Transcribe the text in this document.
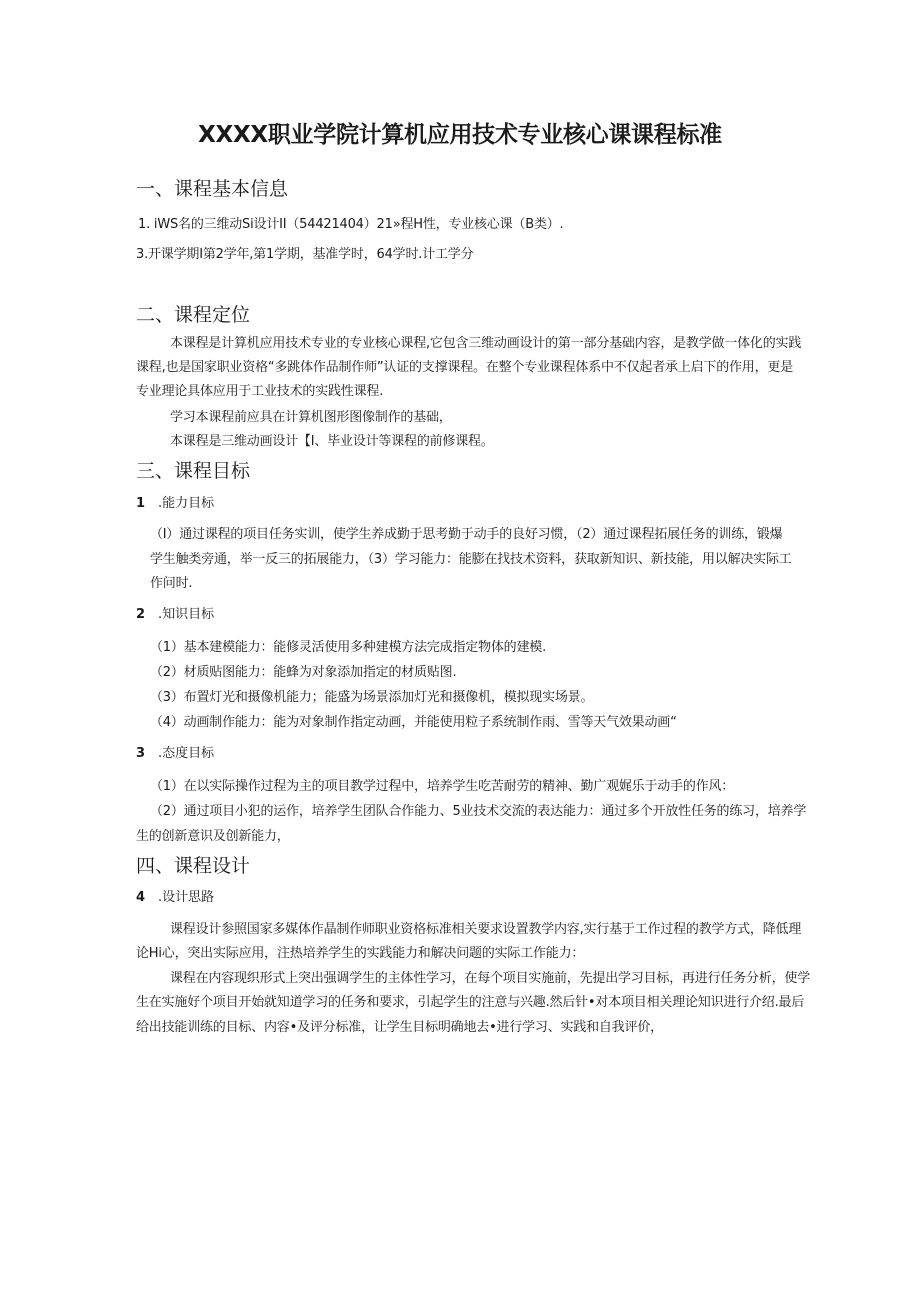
XXXX职业学院计算机应用技术专业核心课课程标准
一、课程基本信息
1. iWS名的三维动Si设计II（54421404）21»程H性，专业核心课（B类）.
3.开课学期I第2学年,第1学期，基准学时，64学时.计工学分
二、课程定位
本课程是计算机应用技术专业的专业核心课程,它包含三维动画设计的第一部分基础内容，是教学做一体化的实践
课程,也是国家职业资格“多跳体作品制作师”认证的支撑课程。在整个专业课程体系中不仅起者承上启下的作用，更是
专业理论具体应用于工业技术的实践性课程.
学习本课程前应具在计算机图形图像制作的基础，
本课程是三维动画设计【I、毕业设计等课程的前修课程。
三、课程目标
1 .能力目标
（I）通过课程的项目任务实训，使学生养成勤于思考勤于动手的良好习惯，（2）通过课程拓展任务的训练，锻爆
学生触类旁通，举一反三的拓展能力，（3）学习能力：能膨在找技术资料，获取新知识、新技能，用以解决实际工
作问时.
2 .知识目标
（1）基本建模能力：能修灵活使用多种建模方法完成指定物体的建模.
（2）材质贴图能力：能蜂为对象添加指定的材质贴图.
（3）布置灯光和摄像机能力；能盛为场景添加灯光和摄像机，模拟现实场景。
（4）动画制作能力：能为对象制作指定动画，并能使用粒子系统制作雨、雪等天气效果动画“
3 .态度目标
（1）在以实际操作过程为主的项目教学过程中，培养学生吃苦耐劳的精神、勤广观娓乐于动手的作风：
（2）通过项目小犯的运作，培养学生团队合作能力、5业技术交流的表达能力：通过多个开放性任务的练习，培养学
生的创新意识及创新能力，
四、课程设计
4 .设计思路
课程设计参照国家多媒体作晶制作师职业资格标准相关要求设置教学内容,实行基于工作过程的教学方式，降低理
论Hi心，突出实际应用，注热培养学生的实践能力和解决问题的实际工作能力：
课程在内容现织形式上突出强调学生的主体性学习，在每个项目实施前，先提出学习目标，再进行任务分析，使学
生在实施好个项目开始就知道学习的任务和要求，引起学生的注意与兴趣.然后针•对本项目相关理论知识进行介绍.最后
给出技能训练的目标、内容•及评分标准，让学生目标明确地去•进行学习、实践和自我评价，
